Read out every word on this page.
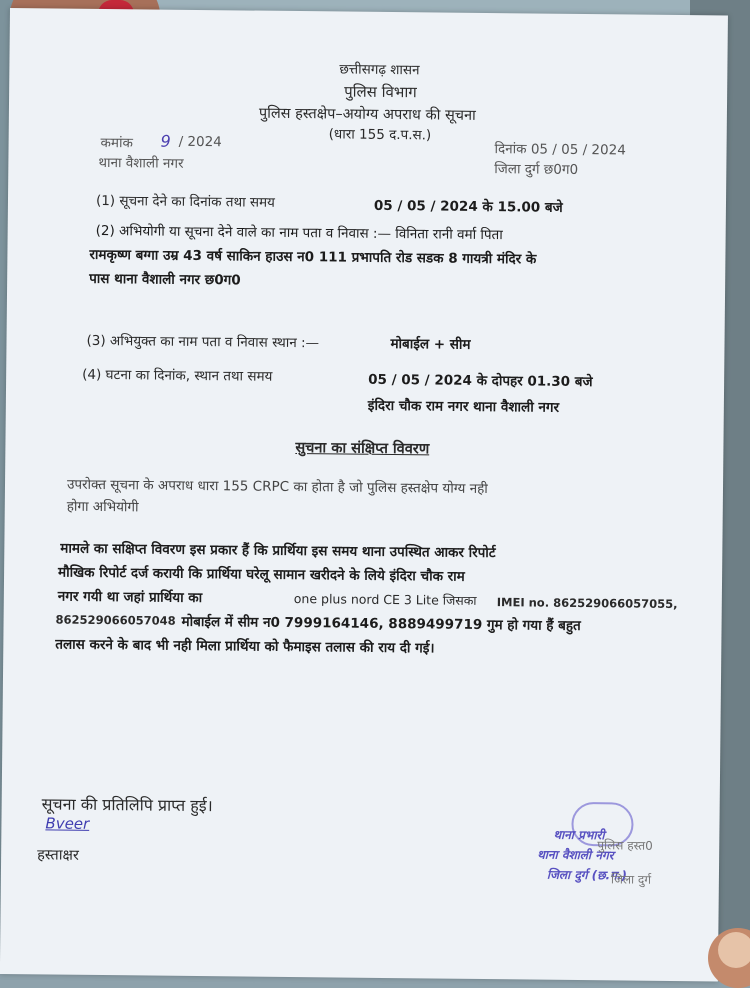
छत्तीसगढ़ शासन
पुलिस विभाग
पुलिस हस्तक्षेप–अयोग्य अपराध की सूचना
(धारा 155 द.प.स.)
कमांक 9 / 2024
थाना वैशाली नगर
दिनांक 05 / 05 / 2024
जिला दुर्ग छ0ग0
(1) सूचना देने का दिनांक तथा समय	05 / 05 / 2024 के 15.00 बजे
(2) अभियोगी या सूचना देने वाले का नाम पता व निवास :— विनिता रानी वर्मा पिता
रामकृष्ण बग्गा उम्र 43 वर्ष साकिन हाउस न0 111 प्रभापति रोड सडक 8 गायत्री मंदिर के
पास थाना वैशाली नगर छ0ग0
(3) अभियुक्त का नाम पता व निवास स्थान :—	मोबाईल + सीम
(4) घटना का दिनांक, स्थान तथा समय	05 / 05 / 2024 के दोपहर 01.30 बजे
इंदिरा चौक राम नगर थाना वैशाली नगर
सुचना का संक्षिप्त विवरण
उपरोक्त सूचना के अपराध धारा 155 CRPC का होता है जो पुलिस हस्तक्षेप योग्य नही
होगा अभियोगी
मामले का सक्षिप्त विवरण इस प्रकार हैं कि प्रार्थिया इस समय थाना उपस्थित आकर रिपोर्ट
मौखिक रिपोर्ट दर्ज करायी कि प्रार्थिया घरेलू सामान खरीदने के लिये इंदिरा चौक राम
नगर गयी था जहां प्रार्थिया का	one plus nord CE 3 Lite जिसका IMEI no. 862529066057055,
862529066057048 मोबाईल में सीम न0 7999164146, 8889499719 गुम हो गया हैं बहुत
तलास करने के बाद भी नही मिला प्रार्थिया को फैमाइस तलास की राय दी गई।
सूचना की प्रतिलिपि प्राप्त हुई।
Bveer
हस्ताक्षर
थाना प्रभारी
थाना वैशाली नगर
जिला दुर्ग (छ.ग.)
पुलिस हस्त0
जिला दुर्ग
